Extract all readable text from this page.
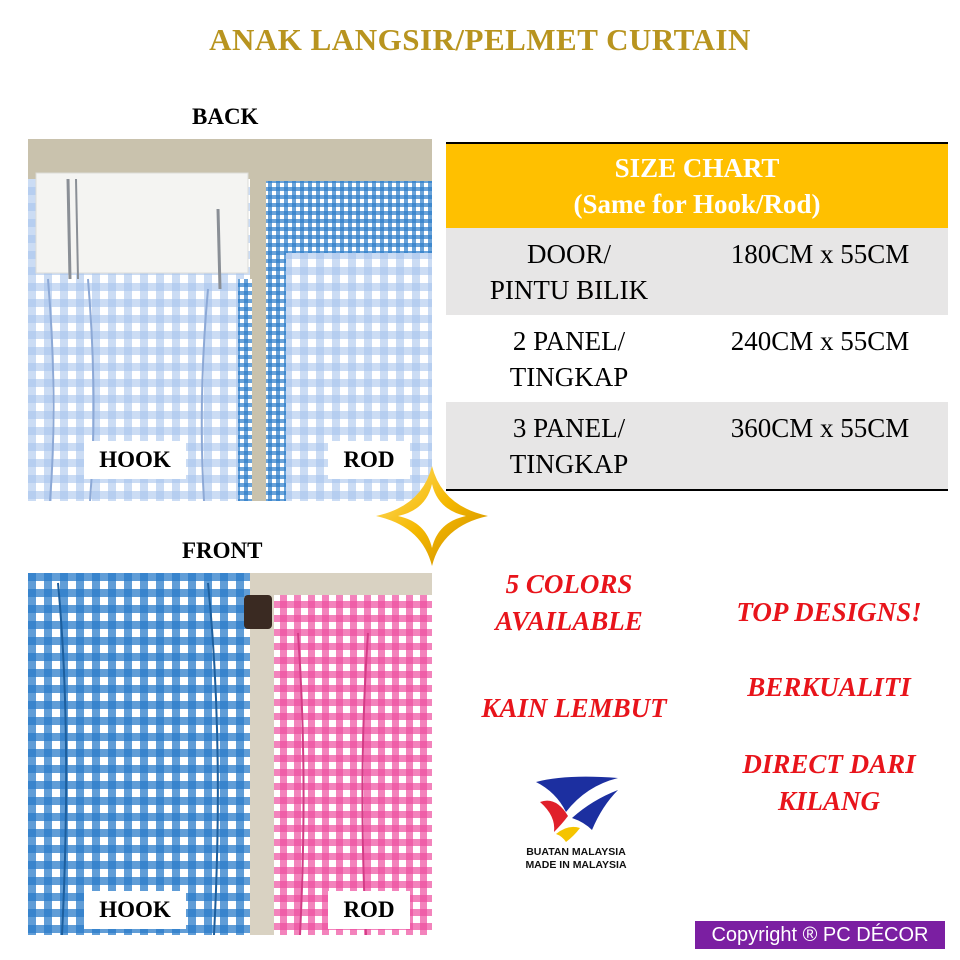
ANAK LANGSIR/PELMET CURTAIN
BACK
HOOK	ROD
SIZE CHART
(Same for Hook/Rod)
DOOR/
PINTU BILIK
180CM x 55CM
2 PANEL/
TINGKAP
240CM x 55CM
3 PANEL/
TINGKAP
360CM x 55CM
FRONT
HOOK	ROD
5 COLORS
AVAILABLE
KAIN LEMBUT
TOP DESIGNS!
BERKUALITI
DIRECT DARI
KILANG
BUATAN MALAYSIA
MADE IN MALAYSIA
Copyright ® PC DÉCOR
